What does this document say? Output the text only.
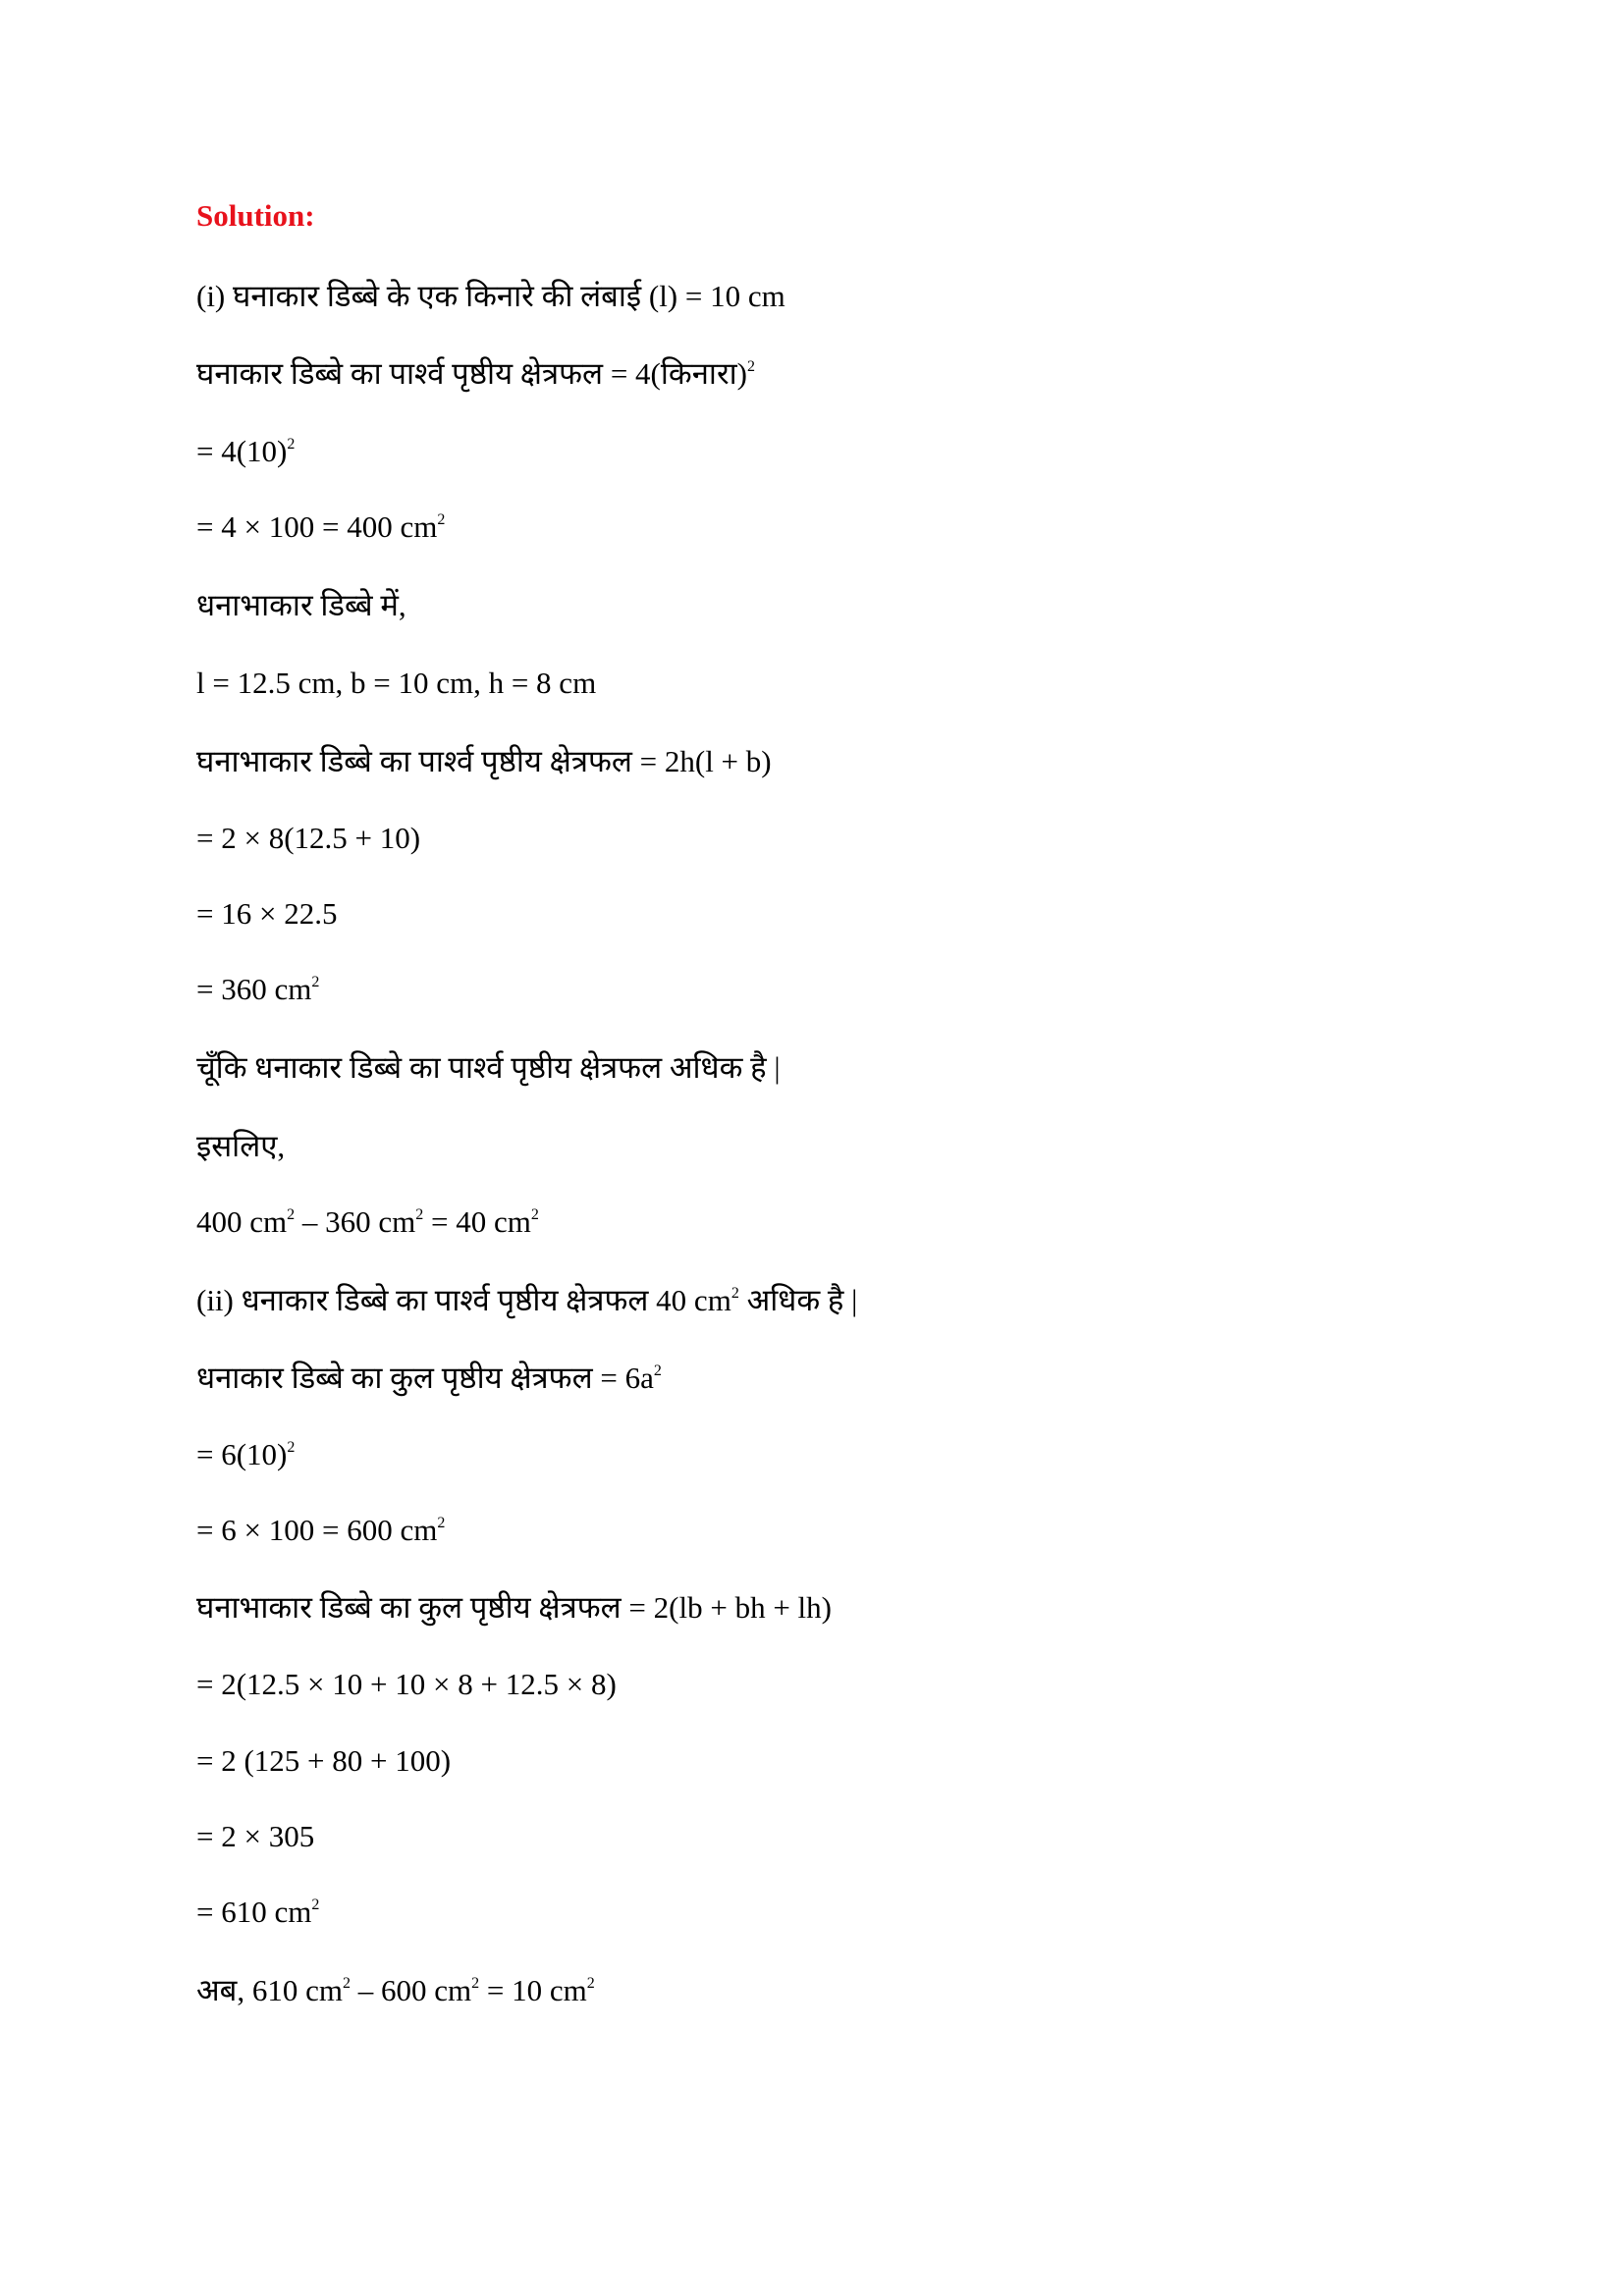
Solution:
(i) घनाकार डिब्बे के एक किनारे की लंबाई (l) = 10 cm
घनाकार डिब्बे का पार्श्व पृष्ठीय क्षेत्रफल = 4(किनारा)$^2$
= $4(10)^2$
= 4 × 100 = 400 $cm^2$
धनाभाकार डिब्बे में,
l = 12.5 cm, b = 10 cm, h = 8 cm
घनाभाकार डिब्बे का पार्श्व पृष्ठीय क्षेत्रफल = 2h(l + b)
= 2 × 8(12.5 + 10)
= 16 × 22.5
= 360 $cm^2$
चूँकि धनाकार डिब्बे का पार्श्व पृष्ठीय क्षेत्रफल अधिक है |
इसलिए,
400 $cm^2 - 360$ $cm^2 = 40$ $cm^2$
(ii) धनाकार डिब्बे का पार्श्व पृष्ठीय क्षेत्रफल 40 $cm^2$ अधिक है |
धनाकार डिब्बे का कुल पृष्ठीय क्षेत्रफल = $6a^2$
= $6(10)^2$
= 6 × 100 = 600 $cm^2$
घनाभाकार डिब्बे का कुल पृष्ठीय क्षेत्रफल = 2(lb + bh + lh)
= 2(12.5 × 10 + 10 × 8 + 12.5 × 8)
= 2 (125 + 80 + 100)
= 2 × 305
= 610 $cm^2$
अब, 610 $cm^2 - 600$ $cm^2 = 10$ $cm^2$
